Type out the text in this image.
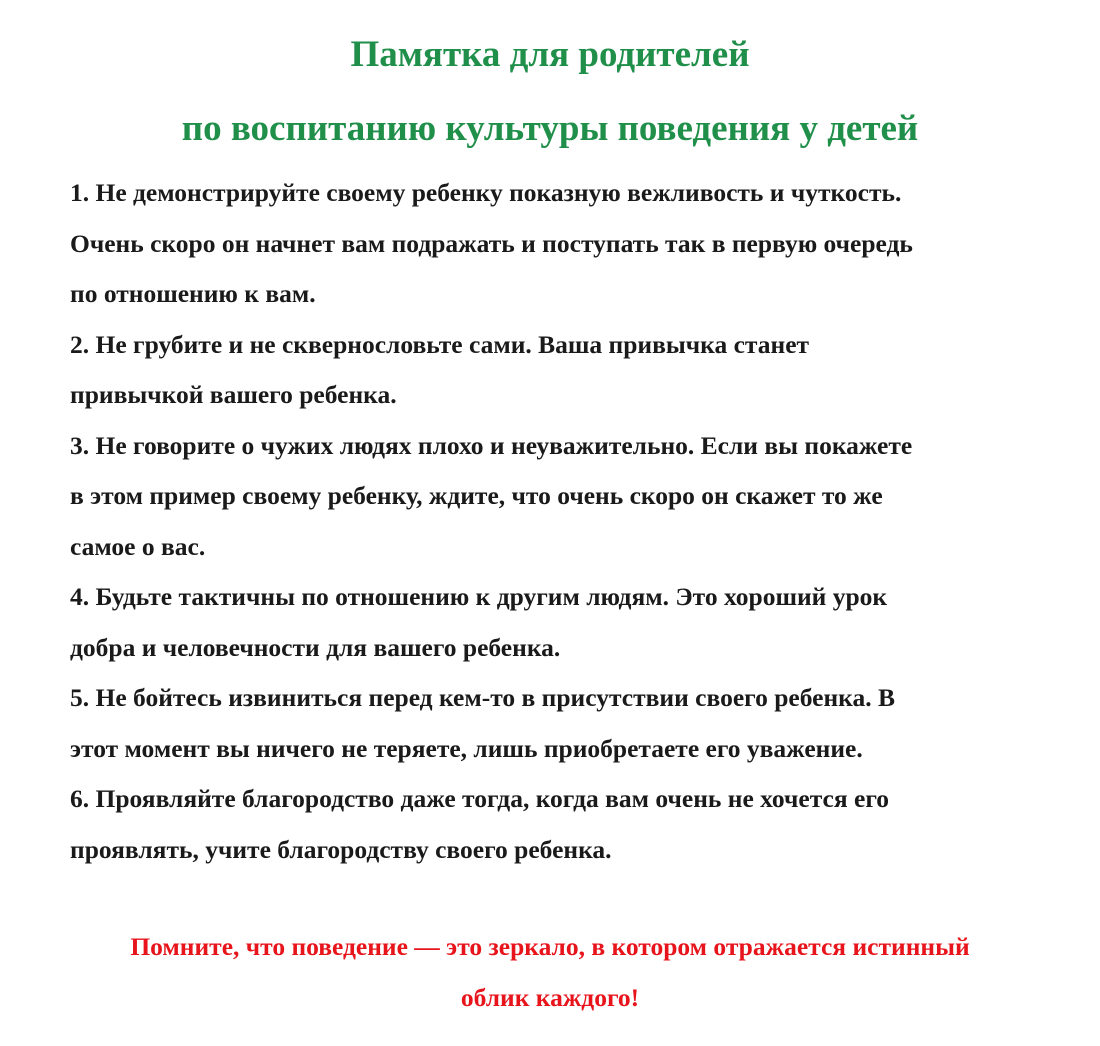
Памятка для родителей
по воспитанию культуры поведения у детей
1. Не демонстрируйте своему ребенку показную вежливость и чуткость.
Очень скоро он начнет вам подражать и поступать так в первую очередь
по отношению к вам.
2. Не грубите и не сквернословьте сами. Ваша привычка станет
привычкой вашего ребенка.
3. Не говорите о чужих людях плохо и неуважительно. Если вы покажете
в этом пример своему ребенку, ждите, что очень скоро он скажет то же
самое о вас.
4. Будьте тактичны по отношению к другим людям. Это хороший урок
добра и человечности для вашего ребенка.
5. Не бойтесь извиниться перед кем-то в присутствии своего ребенка. В
этот момент вы ничего не теряете, лишь приобретаете его уважение.
6. Проявляйте благородство даже тогда, когда вам очень не хочется его
проявлять, учите благородству своего ребенка.
Помните, что поведение — это зеркало, в котором отражается истинный
облик каждого!
